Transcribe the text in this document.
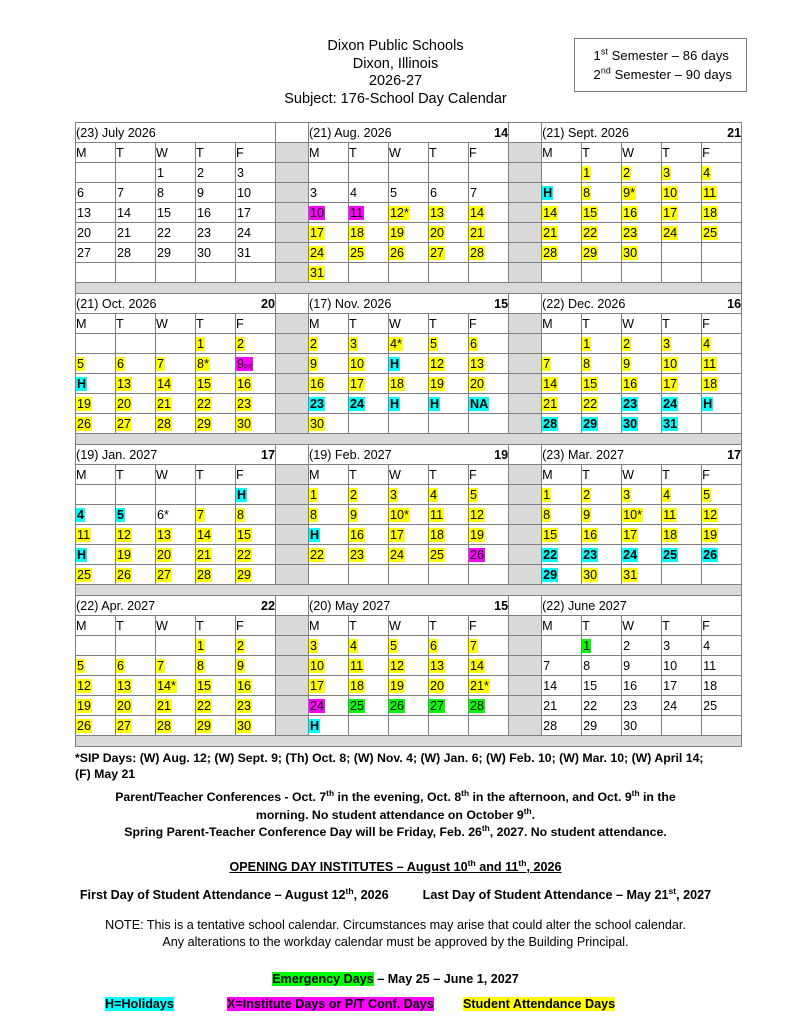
Dixon Public Schools
Dixon, Illinois
2026-27
Subject: 176-School Day Calendar
1st Semester – 86 days
2nd Semester – 90 days
(23) July 2026						(21) Aug. 2026 14						(21) Sept. 2026 21				

M	T	W	T	F		M	T	W	T	F		M	T	W	T	F
		1	2	3									1	2	3	4
6	7	8	9	10		3	4	5	6	7		H	8	9*	10	11
13	14	15	16	17		10	11	12*	13	14		14	15	16	17	18
20	21	22	23	24		17	18	19	20	21		21	22	23	24	25
27	28	29	30	31		24	25	26	27	28		28	29	30		
						31										

(21) Oct. 2026 20						(17) Nov. 2026 15						(22) Dec. 2026 16				

M	T	W	T	F		M	T	W	T	F		M	T	W	T	F
			1	2		2	3	4*	5	6			1	2	3	4
5	6	7	8*	9P/T		9	10	H	12	13		7	8	9	10	11
H	13	14	15	16		16	17	18	19	20		14	15	16	17	18
19	20	21	22	23		23	24	H	H	NA		21	22	23	24	H
26	27	28	29	30		30						28	29	30	31	

(19) Jan. 2027 17						(19) Feb. 2027 19						(23) Mar. 2027 17				

M	T	W	T	F		M	T	W	T	F		M	T	W	T	F
				H		1	2	3	4	5		1	2	3	4	5
4	5	6*	7	8		8	9	10*	11	12		8	9	10*	11	12
11	12	13	14	15		H	16	17	18	19		15	16	17	18	19
H	19	20	21	22		22	23	24	25	26		22	23	24	25	26
25	26	27	28	29								29	30	31		

(22) Apr. 2027 22						(20) May 2027 15						(22) June 2027				
M	T	W	T	F		M	T	W	T	F		M	T	W	T	F
			1	2		3	4	5	6	7			1	2	3	4
5	6	7	8	9		10	11	12	13	14		7	8	9	10	11
12	13	14*	15	16		17	18	19	20	21*		14	15	16	17	18
19	20	21	22	23		24	25	26	27	28		21	22	23	24	25
26	27	28	29	30		H						28	29	30		

*SIP Days: (W) Aug. 12; (W) Sept. 9; (Th) Oct. 8; (W) Nov. 4; (W) Jan. 6; (W) Feb. 10; (W) Mar. 10; (W) April 14;
(F) May 21
Parent/Teacher Conferences - Oct. 7th in the evening, Oct. 8th in the afternoon, and Oct. 9th in the
morning. No student attendance on October 9th.
Spring Parent-Teacher Conference Day will be Friday, Feb. 26th, 2027. No student attendance.
OPENING DAY INSTITUTES – August 10th and 11th, 2026
First Day of Student Attendance – August 12th, 2026	Last Day of Student Attendance – May 21st, 2027
NOTE: This is a tentative school calendar. Circumstances may arise that could alter the school calendar.
Any alterations to the workday calendar must be approved by the Building Principal.
Emergency Days – May 25 – June 1, 2027
H=Holidays	X=Institute Days or P/T Conf. Days Student Attendance Days
